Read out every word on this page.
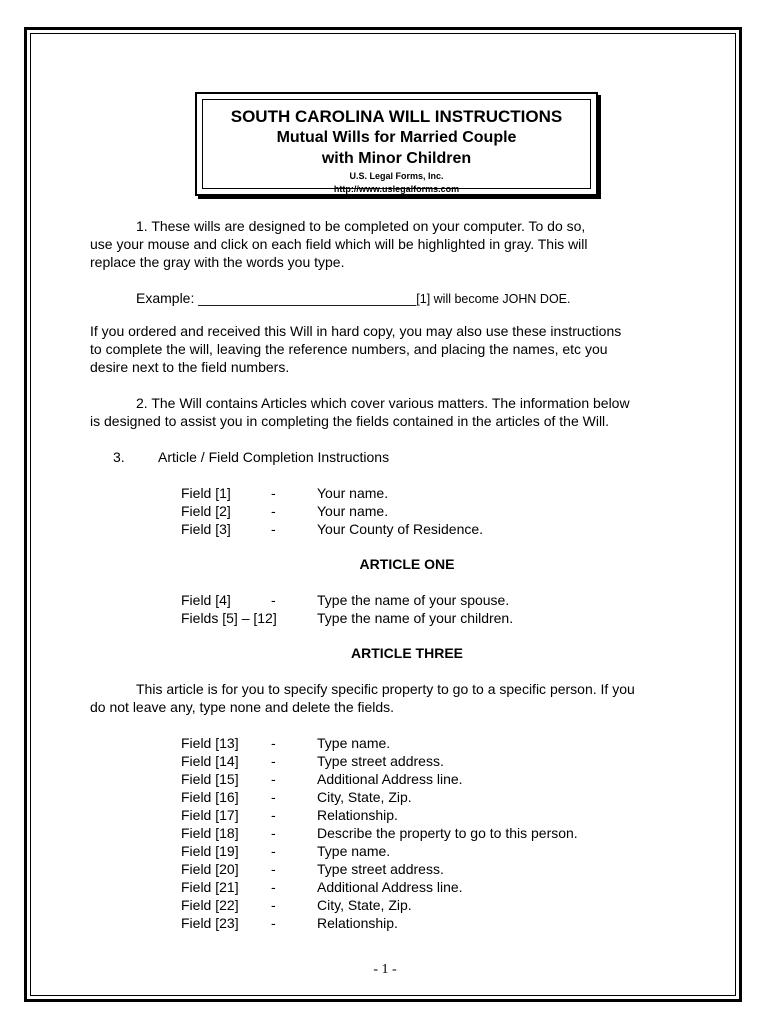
SOUTH CAROLINA WILL INSTRUCTIONS
Mutual Wills for Married Couple
with Minor Children
U.S. Legal Forms, Inc.
http://www.uslegalforms.com
1. These wills are designed to be completed on your computer. To do so,
use your mouse and click on each field which will be highlighted in gray. This will
replace the gray with the words you type.
Example: ____________________________[1] will become JOHN DOE.
If you ordered and received this Will in hard copy, you may also use these instructions
to complete the will, leaving the reference numbers, and placing the names, etc you
desire next to the field numbers.
2. The Will contains Articles which cover various matters. The information below
is designed to assist you in completing the fields contained in the articles of the Will.
3. Article / Field Completion Instructions
Field [1]	-	Your name.
Field [2]	-	Your name.
Field [3]	-	Your County of Residence.
ARTICLE ONE
Field [4]	-	Type the name of your spouse.
Fields [5] – [12]	Type the name of your children.
ARTICLE THREE
This article is for you to specify specific property to go to a specific person. If you
do not leave any, type none and delete the fields.
Field [13] -	Type name.
Field [14] -	Type street address.
Field [15] -	Additional Address line.
Field [16] -	City, State, Zip.
Field [17] -	Relationship.
Field [18] -	Describe the property to go to this person.
Field [19] -	Type name.
Field [20] -	Type street address.
Field [21] -	Additional Address line.
Field [22] -	City, State, Zip.
Field [23] -	Relationship.
- 1 -
